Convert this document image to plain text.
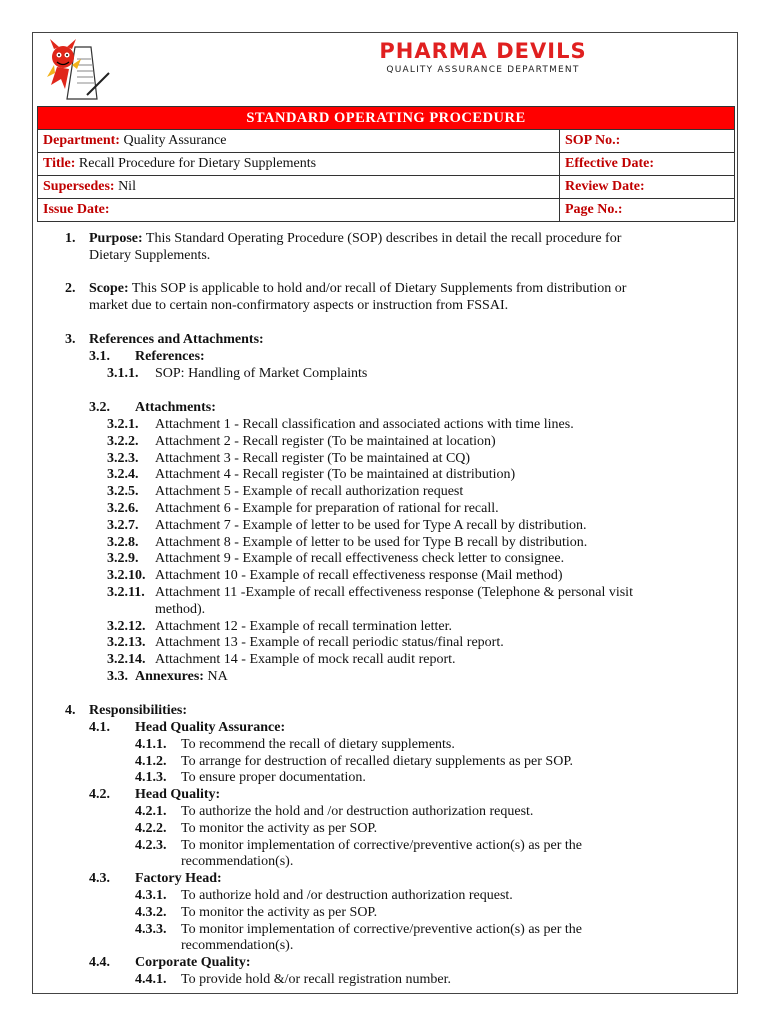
PHARMA DEVILS
QUALITY ASSURANCE DEPARTMENT
STANDARD OPERATING PROCEDURE	
Department: Quality Assurance	SOP No.:
Title: Recall Procedure for Dietary Supplements	Effective Date:
Supersedes: Nil	Review Date:
Issue Date:	Page No.:
1. Purpose: This Standard Operating Procedure (SOP) describes in detail the recall procedure for
Dietary Supplements.
2. Scope: This SOP is applicable to hold and/or recall of Dietary Supplements from distribution or
market due to certain non-confirmatory aspects or instruction from FSSAI.
3. References and Attachments:
3.1. References:
3.1.1. SOP: Handling of Market Complaints
3.2. Attachments:
3.2.1. Attachment 1 - Recall classification and associated actions with time lines.
3.2.2. Attachment 2 - Recall register (To be maintained at location)
3.2.3. Attachment 3 - Recall register (To be maintained at CQ)
3.2.4. Attachment 4 - Recall register (To be maintained at distribution)
3.2.5. Attachment 5 - Example of recall authorization request
3.2.6. Attachment 6 - Example for preparation of rational for recall.
3.2.7. Attachment 7 - Example of letter to be used for Type A recall by distribution.
3.2.8. Attachment 8 - Example of letter to be used for Type B recall by distribution.
3.2.9. Attachment 9 - Example of recall effectiveness check letter to consignee.
3.2.10. Attachment 10 - Example of recall effectiveness response (Mail method)
3.2.11. Attachment 11 -Example of recall effectiveness response (Telephone & personal visit
method).
3.2.12. Attachment 12 - Example of recall termination letter.
3.2.13. Attachment 13 - Example of recall periodic status/final report.
3.2.14. Attachment 14 - Example of mock recall audit report.
3.3. Annexures: NA
4. Responsibilities:
4.1. Head Quality Assurance:
4.1.1. To recommend the recall of dietary supplements.
4.1.2. To arrange for destruction of recalled dietary supplements as per SOP.
4.1.3. To ensure proper documentation.
4.2. Head Quality:
4.2.1. To authorize the hold and /or destruction authorization request.
4.2.2. To monitor the activity as per SOP.
4.2.3. To monitor implementation of corrective/preventive action(s) as per the
recommendation(s).
4.3. Factory Head:
4.3.1. To authorize hold and /or destruction authorization request.
4.3.2. To monitor the activity as per SOP.
4.3.3. To monitor implementation of corrective/preventive action(s) as per the
recommendation(s).
4.4. Corporate Quality:
4.4.1. To provide hold &/or recall registration number.
